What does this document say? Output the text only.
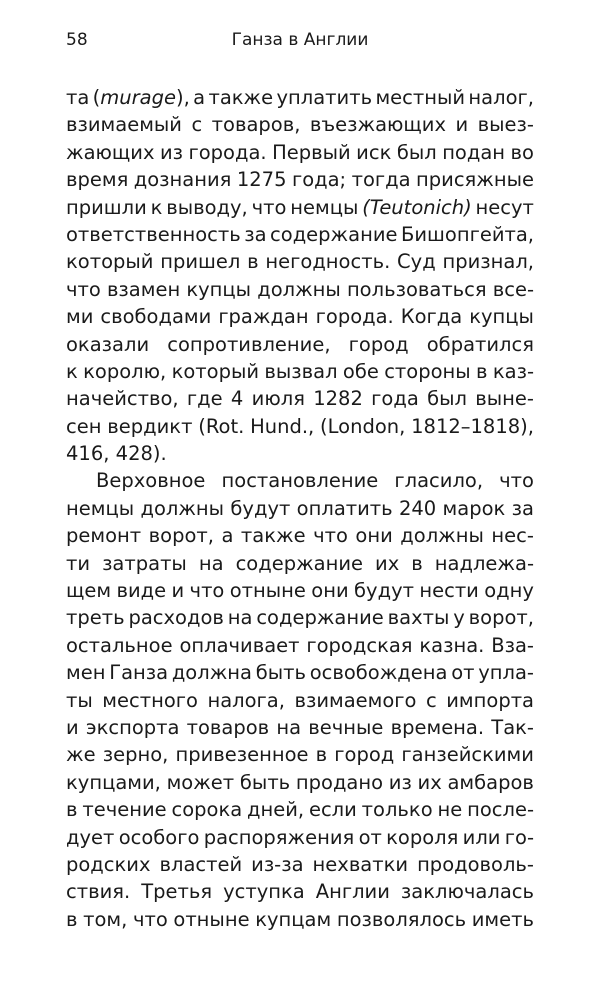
58	Ганза в Англии
та (murage), а также уплатить местный налог,
взимаемый с товаров, въезжающих и выез-
жающих из города. Первый иск был подан во
время дознания 1275 года; тогда присяжные
пришли к выводу, что немцы (Teutonich) несут
ответственность за содержание Бишопгейта,
который пришел в негодность. Суд признал,
что взамен купцы должны пользоваться все-
ми свободами граждан города. Когда купцы
оказали сопротивление, город обратился
к королю, который вызвал обе стороны в каз-
начейство, где 4 июля 1282 года был выне-
сен вердикт (Rot. Hund., (London, 1812–1818),
416, 428).
Верховное постановление гласило, что
немцы должны будут оплатить 240 марок за
ремонт ворот, а также что они должны нес-
ти затраты на содержание их в надлежа-
щем виде и что отныне они будут нести одну
треть расходов на содержание вахты у ворот,
остальное оплачивает городская казна. Вза-
мен Ганза должна быть освобождена от упла-
ты местного налога, взимаемого с импорта
и экспорта товаров на вечные времена. Так-
же зерно, привезенное в город ганзейскими
купцами, может быть продано из их амбаров
в течение сорока дней, если только не после-
дует особого распоряжения от короля или го-
родских властей из-за нехватки продоволь-
ствия. Третья уступка Англии заключалась
в том, что отныне купцам позволялось иметь
